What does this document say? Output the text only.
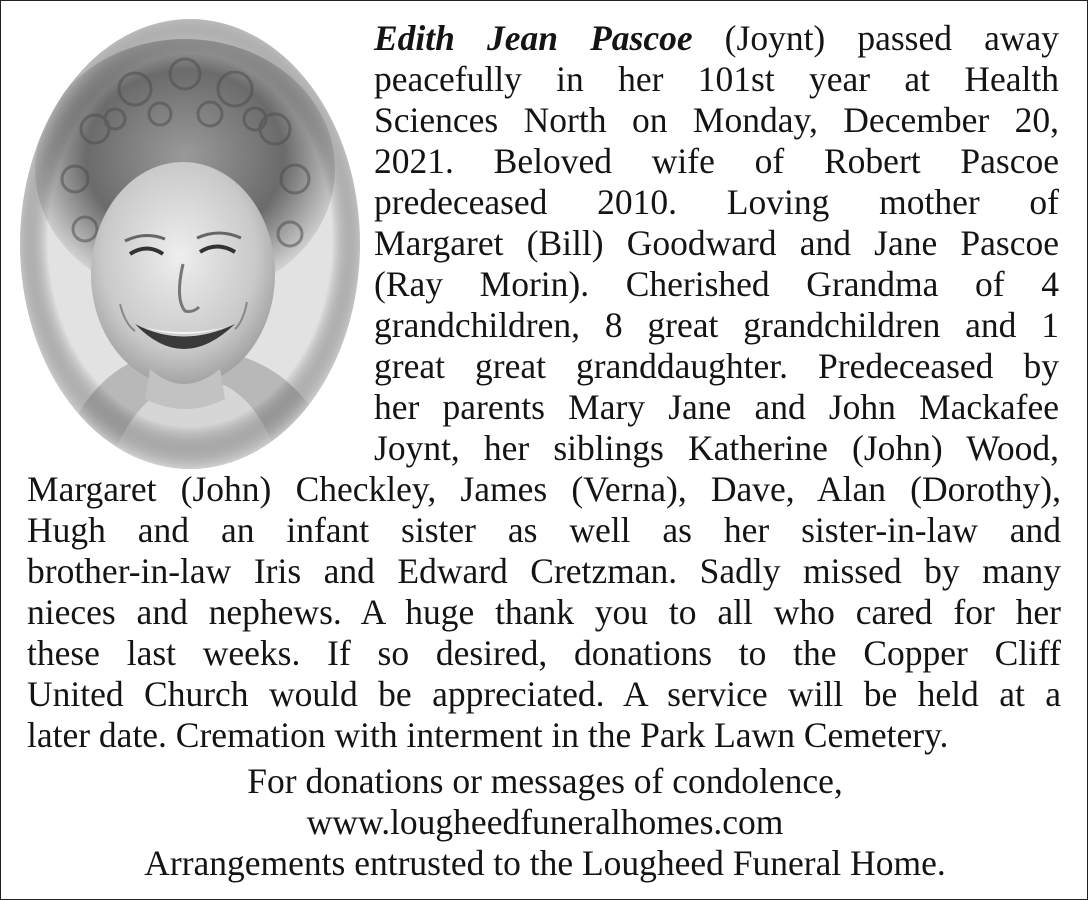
Edith Jean Pascoe (Joynt) passed away
peacefully in her 101st year at Health
Sciences North on Monday, December 20,
2021. Beloved wife of Robert Pascoe
predeceased 2010. Loving mother of
Margaret (Bill) Goodward and Jane Pascoe
(Ray Morin). Cherished Grandma of 4
grandchildren, 8 great grandchildren and 1
great great granddaughter. Predeceased by
her parents Mary Jane and John Mackafee
Joynt, her siblings Katherine (John) Wood,
Margaret (John) Checkley, James (Verna), Dave, Alan (Dorothy),
Hugh and an infant sister as well as her sister-in-law and
brother-in-law Iris and Edward Cretzman. Sadly missed by many
nieces and nephews. A huge thank you to all who cared for her
these last weeks. If so desired, donations to the Copper Cliff
United Church would be appreciated. A service will be held at a
later date. Cremation with interment in the Park Lawn Cemetery.
For donations or messages of condolence,
www.lougheedfuneralhomes.com
Arrangements entrusted to the Lougheed Funeral Home.
